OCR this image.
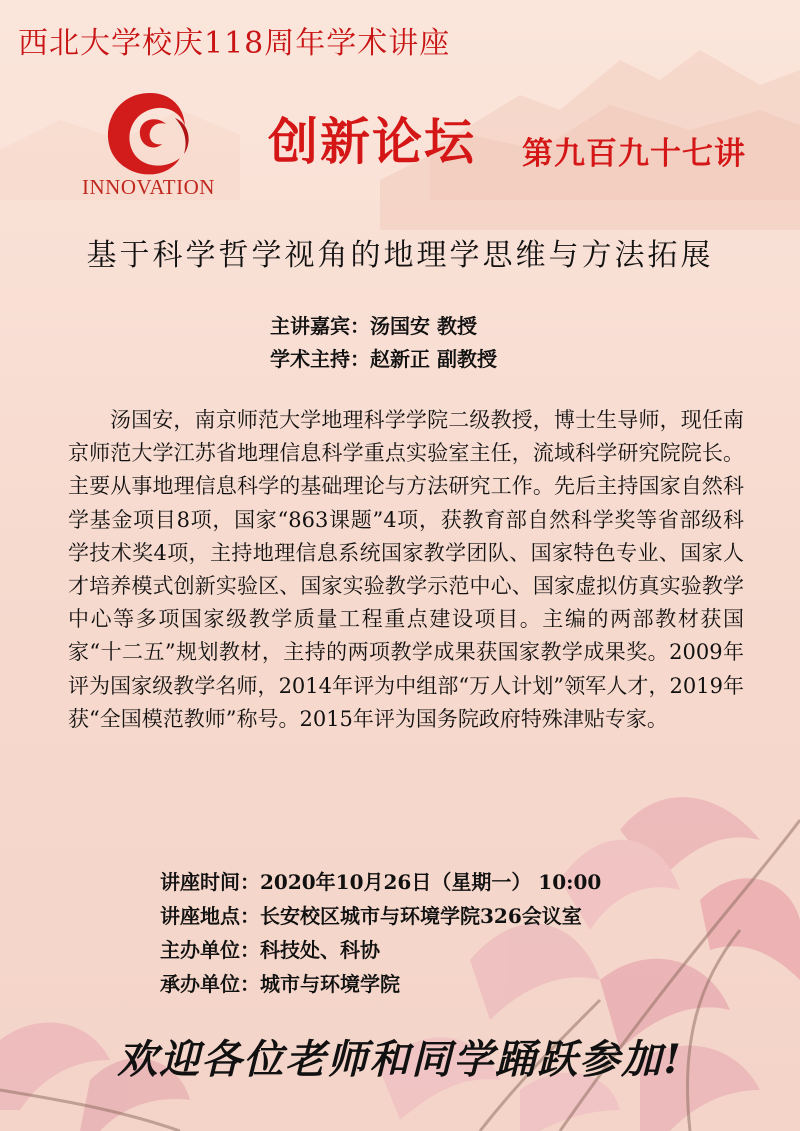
西北大学校庆118周年学术讲座
INNOVATION
创新论坛 第九百九十七讲
基于科学哲学视角的地理学思维与方法拓展
主讲嘉宾：汤国安 教授
学术主持：赵新正 副教授
汤国安，南京师范大学地理科学学院二级教授，博士生导师，现任南京师范大学江苏省地理信息科学重点实验室主任，流域科学研究院院长。主要从事地理信息科学的基础理论与方法研究工作。先后主持国家自然科学基金项目8项，国家“863课题”4项，获教育部自然科学奖等省部级科学技术奖4项，主持地理信息系统国家教学团队、国家特色专业、国家人才培养模式创新实验区、国家实验教学示范中心、国家虚拟仿真实验教学中心等多项国家级教学质量工程重点建设项目。主编的两部教材获国家“十二五”规划教材，主持的两项教学成果获国家教学成果奖。2009年评为国家级教学名师，2014年评为中组部“万人计划”领军人才，2019年获“全国模范教师”称号。2015年评为国务院政府特殊津贴专家。
讲座时间：2020年10月26日（星期一） 10:00
讲座地点：长安校区城市与环境学院326会议室
主办单位：科技处、科协
承办单位：城市与环境学院
欢迎各位老师和同学踊跃参加!
